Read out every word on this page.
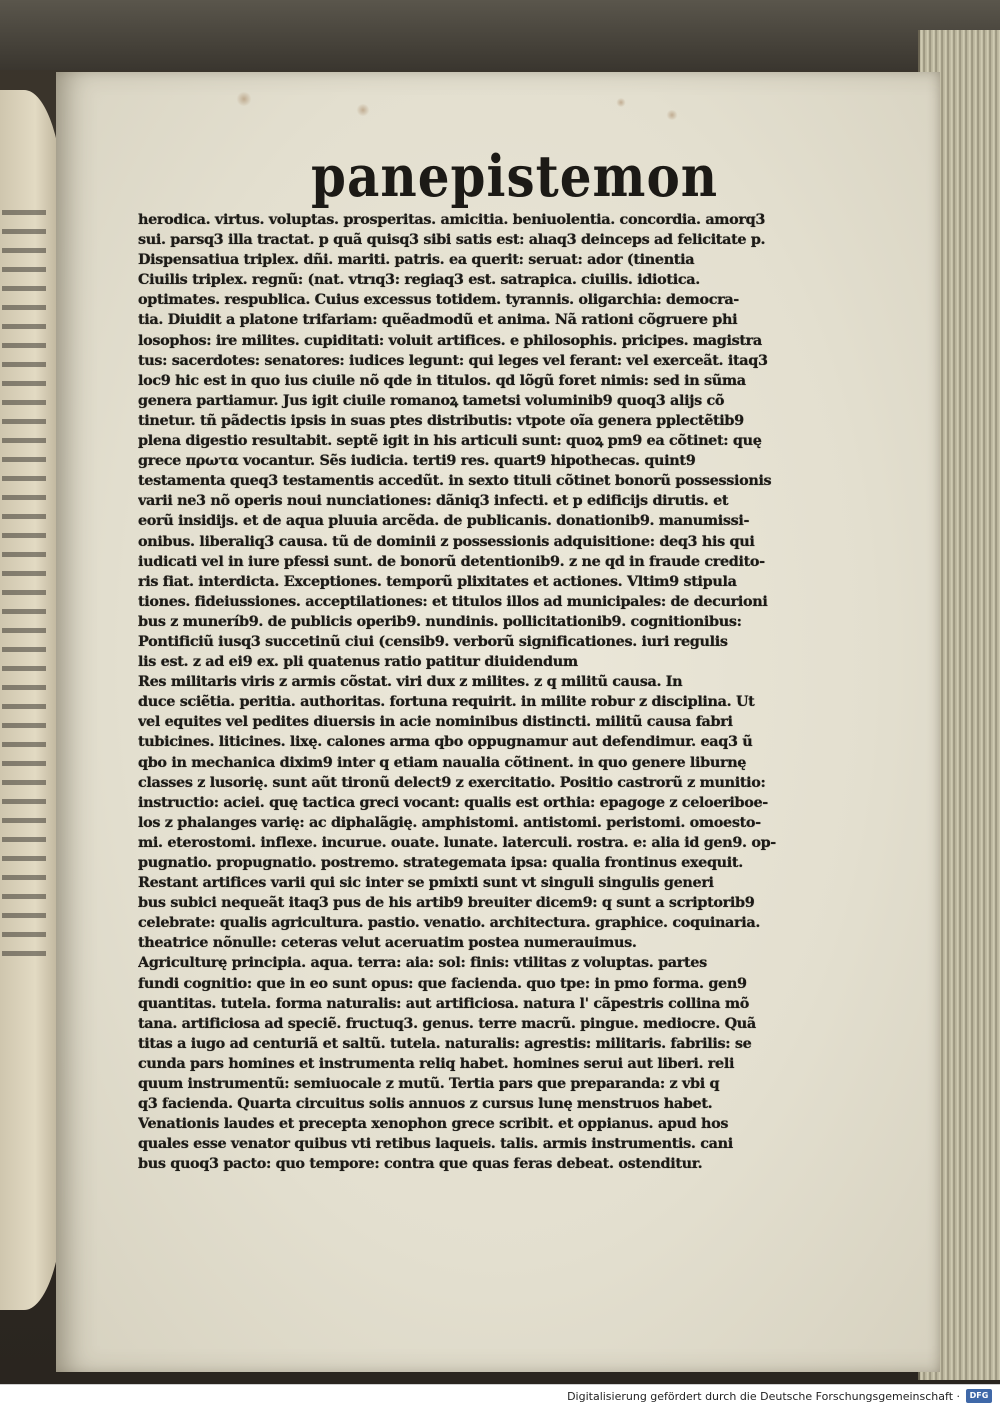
panepistemon
herodica. virtus. voluptas. prosperitas. amicitia. beniuolentia. concordia. amorq3
sui. parsq3 illa tractat. p quã quisq3 sibi satis est: alıaq3 deinceps ad felicitate p.
Dispensatiua triplex. dñi. mariti. patris. ea querit: seruat: ador (tinentia
Ciuilis triplex. regnũ: (nat. vtrıq3: regiaq3 est. satrapica. ciuilis. idiotica.
optimates. respublica. Cuius excessus totidem. tyrannis. oligarchia: democra-
tia. Diuidit a platone trifariam: quẽadmodũ et anima. Nã rationi cõgruere phi
losophos: ire milites. cupiditati: voluit artifices. e philosophis. pricipes. magistra
tus: sacerdotes: senatores: iudices legunt: qui leges vel ferant: vel exerceãt. itaq3
loc9 hic est in quo ius ciuile nõ qde in titulos. qd lõgũ foret nimis: sed in sũma
genera partiamur. Jus igit ciuile romanoꝝ tametsi voluminib9 quoq3 alijs cõ
tinetur. tñ pãdectis ipsis in suas ptes distributis: vtpote oĩa genera pplectẽtib9
plena digestio resultabit. septẽ igit in his articuli sunt: quoꝝ pm9 ea cõtinet: quę
grece πρωτα vocantur. Sẽs iudicia. terti9 res. quart9 hipothecas. quint9
testamenta queq3 testamentis accedũt. in sexto tituli cõtinet bonorũ possessionis
varii ne3 nõ operis noui nunciationes: dãniq3 infecti. et p edificijs dirutis. et
eorũ insidijs. et de aqua pluuia arcẽda. de publicanis. donationib9. manumissi-
onibus. liberaliq3 causa. tũ de dominii z possessionis adquisitione: deq3 his qui
iudicati vel in iure pfessi sunt. de bonorũ detentionib9. z ne qd in fraude credito-
ris fiat. interdicta. Exceptiones. temporũ plixitates et actiones. Vltim9 stipula
tiones. fideiussiones. acceptilationes: et titulos illos ad municipales: de decurioni
bus z muneríb9. de publicis operib9. nundinis. pollicitationib9. cognitionibus:
Pontificiũ iusq3 succetinũ ciui (censib9. verborũ significationes. iuri regulis
lis est. z ad ei9 ex. pli quatenus ratio patitur diuidendum
Res militaris viris z armis cõstat. viri dux z milites. z q militũ causa. In
duce sciẽtia. peritia. authoritas. fortuna requirit. in milite robur z disciplina. Ut
vel equites vel pedites diuersis in acie nominibus distincti. militũ causa fabri
tubicines. liticines. lixę. calones arma qbo oppugnamur aut defendimur. eaq3 ũ
qbo in mechanica dixim9 inter q etiam naualia cõtinent. in quo genere liburnę
classes z lusorię. sunt aũt tironũ delect9 z exercitatio. Positio castrorũ z munitio:
instructio: aciei. quę tactica greci vocant: qualis est orthia: epagoge z celoeriboe-
los z phalanges varię: ac diphalãgię. amphistomi. antistomi. peristomi. omoesto-
mi. eterostomi. inflexe. incurue. ouate. lunate. laterculi. rostra. e: alia id gen9. op-
pugnatio. propugnatio. postremo. strategemata ipsa: qualia frontinus exequit.
Restant artifices varii qui sic inter se pmixti sunt vt singuli singulis generi
bus subici nequeãt itaq3 pus de his artib9 breuiter dicem9: q sunt a scriptorib9
celebrate: qualis agricultura. pastio. venatio. architectura. graphice. coquinaria.
theatrice nõnulle: ceteras velut aceruatim postea numerauimus.
Agriculturę principia. aqua. terra: aia: sol: finis: vtilitas z voluptas. partes
fundi cognitio: que in eo sunt opus: que facienda. quo tpe: in pmo forma. gen9
quantitas. tutela. forma naturalis: aut artificiosa. natura l' cãpestris collina mõ
tana. artificiosa ad speciẽ. fructuq3. genus. terre macrũ. pingue. mediocre. Quã
titas a iugo ad centuriã et saltũ. tutela. naturalis: agrestis: militaris. fabrilis: se
cunda pars homines et instrumenta reliq habet. homines serui aut liberi. reli
quum instrumentũ: semiuocale z mutũ. Tertia pars que preparanda: z vbi q
q3 facienda. Quarta circuitus solis annuos z cursus lunę menstruos habet.
Venationis laudes et precepta xenophon grece scribit. et oppianus. apud hos
quales esse venator quibus vti retibus laqueis. talis. armis instrumentis. cani
bus quoq3 pacto: quo tempore: contra que quas feras debeat. ostenditur.
Digitalisierung gefördert durch die Deutsche Forschungsgemeinschaft ·	DFG
